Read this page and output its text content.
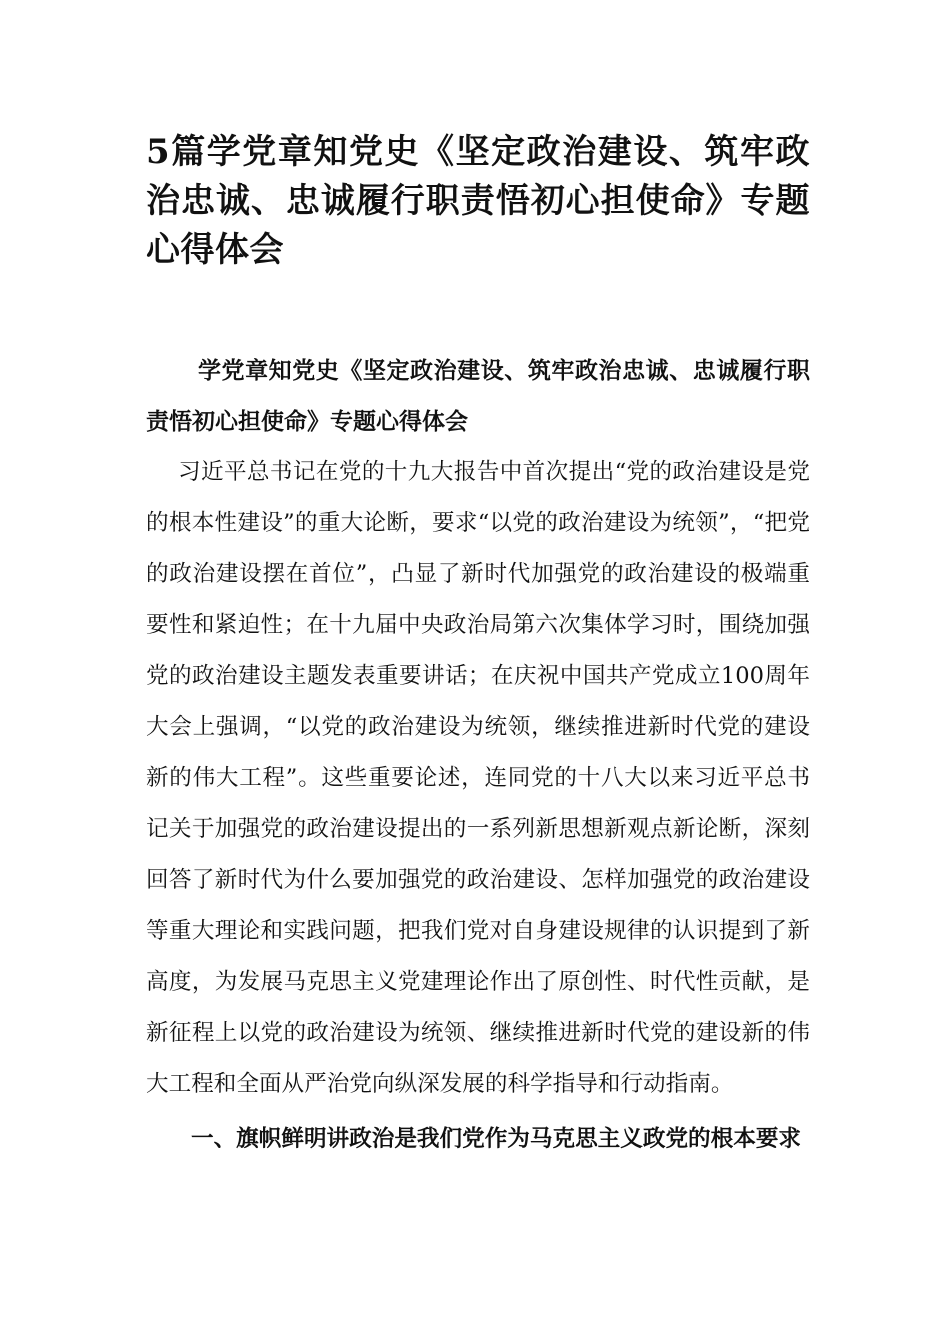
5篇学党章知党史《坚定政治建设、筑牢政治忠诚、忠诚履行职责悟初心担使命》专题心得体会

学党章知党史《坚定政治建设、筑牢政治忠诚、忠诚履行职责悟初心担使命》专题心得体会

习近平总书记在党的十九大报告中首次提出“党的政治建设是党的根本性建设”的重大论断，要求“以党的政治建设为统领”，“把党的政治建设摆在首位”，凸显了新时代加强党的政治建设的极端重要性和紧迫性；在十九届中央政治局第六次集体学习时，围绕加强党的政治建设主题发表重要讲话；在庆祝中国共产党成立100周年大会上强调，“以党的政治建设为统领，继续推进新时代党的建设新的伟大工程”。这些重要论述，连同党的十八大以来习近平总书记关于加强党的政治建设提出的一系列新思想新观点新论断，深刻回答了新时代为什么要加强党的政治建设、怎样加强党的政治建设等重大理论和实践问题，把我们党对自身建设规律的认识提到了新高度，为发展马克思主义党建理论作出了原创性、时代性贡献，是新征程上以党的政治建设为统领、继续推进新时代党的建设新的伟大工程和全面从严治党向纵深发展的科学指导和行动指南。

一、旗帜鲜明讲政治是我们党作为马克思主义政党的根本要求
